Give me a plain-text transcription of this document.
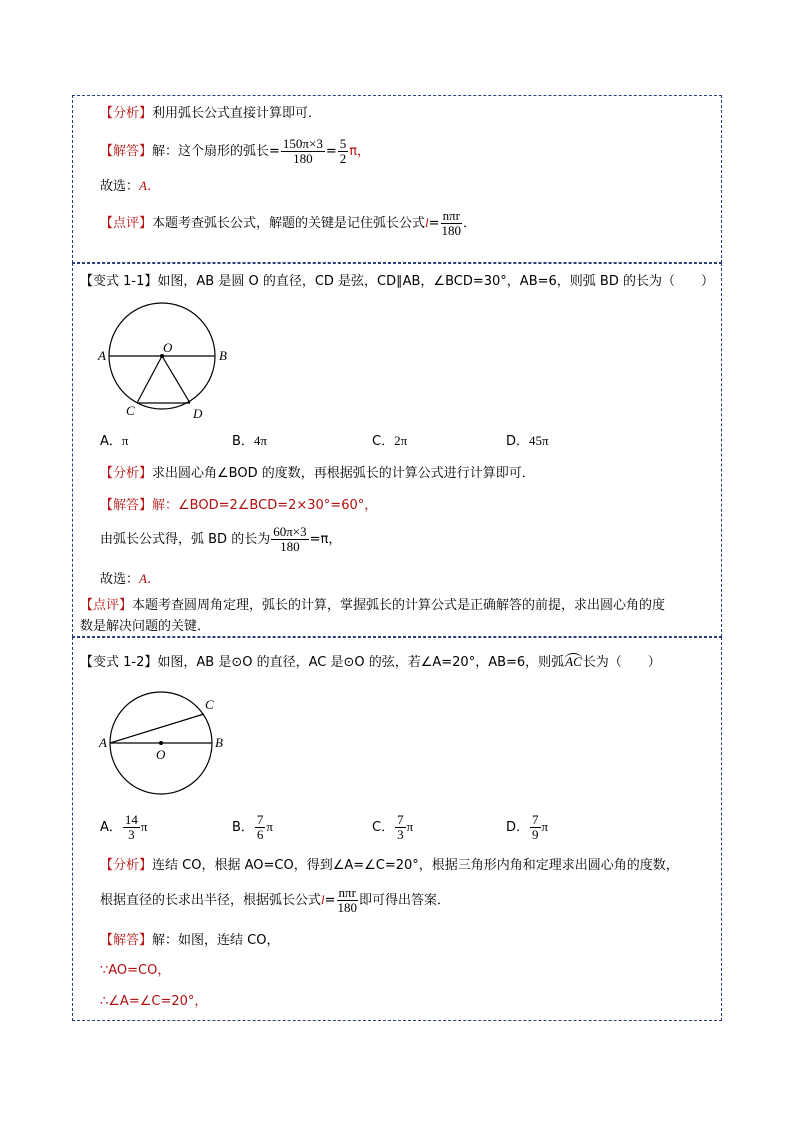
【分析】利用弧长公式直接计算即可．
【解答】解：这个扇形的弧长= $\frac{150\pi\times 3}{180} = \frac{5}{2}$ π，
故选：A．
【点评】本题考查弧长公式，解题的关键是记住弧长公式$l= \frac{\text{nπr}}{180}$ ．
【变式 1-1】如图，AB 是圆 O 的直径，CD 是弦，CD∥AB，∠BCD=30°，AB=6，则弧 BD 的长为（　　）
A	B
O
C	D
A．π	B．4π	C．2π	D．45π
【分析】求出圆心角∠BOD 的度数，再根据弧长的计算公式进行计算即可．
【解答】解：∠BOD=2∠BCD=2×30°=60°，
由弧长公式得，弧 BD 的长为 $\frac{60\pi\times 3}{180} =\pi$，
故选：A．
【点评】本题考查圆周角定理，弧长的计算，掌握弧长的计算公式是正确解答的前提，求出圆心角的度
数是解决问题的关键．
【变式 1-2】如图，AB 是⊙O 的直径，AC 是⊙O 的弦，若∠A=20°，AB=6，则弧AC长为（　　）
A	B
O
C
A． $\frac{14}{3}$ π	B． $\frac{7}{6}$ π	C． $\frac{7}{3}$ π	D． $\frac{7}{9}$ π
【分析】连结 CO，根据 AO=CO，得到∠A=∠C=20°，根据三角形内角和定理求出圆心角的度数，
根据直径的长求出半径，根据弧长公式$l= \frac{\text{nπr}}{180}$ 即可得出答案．
【解答】解：如图，连结 CO，
∵AO=CO，
∴∠A=∠C=20°，
